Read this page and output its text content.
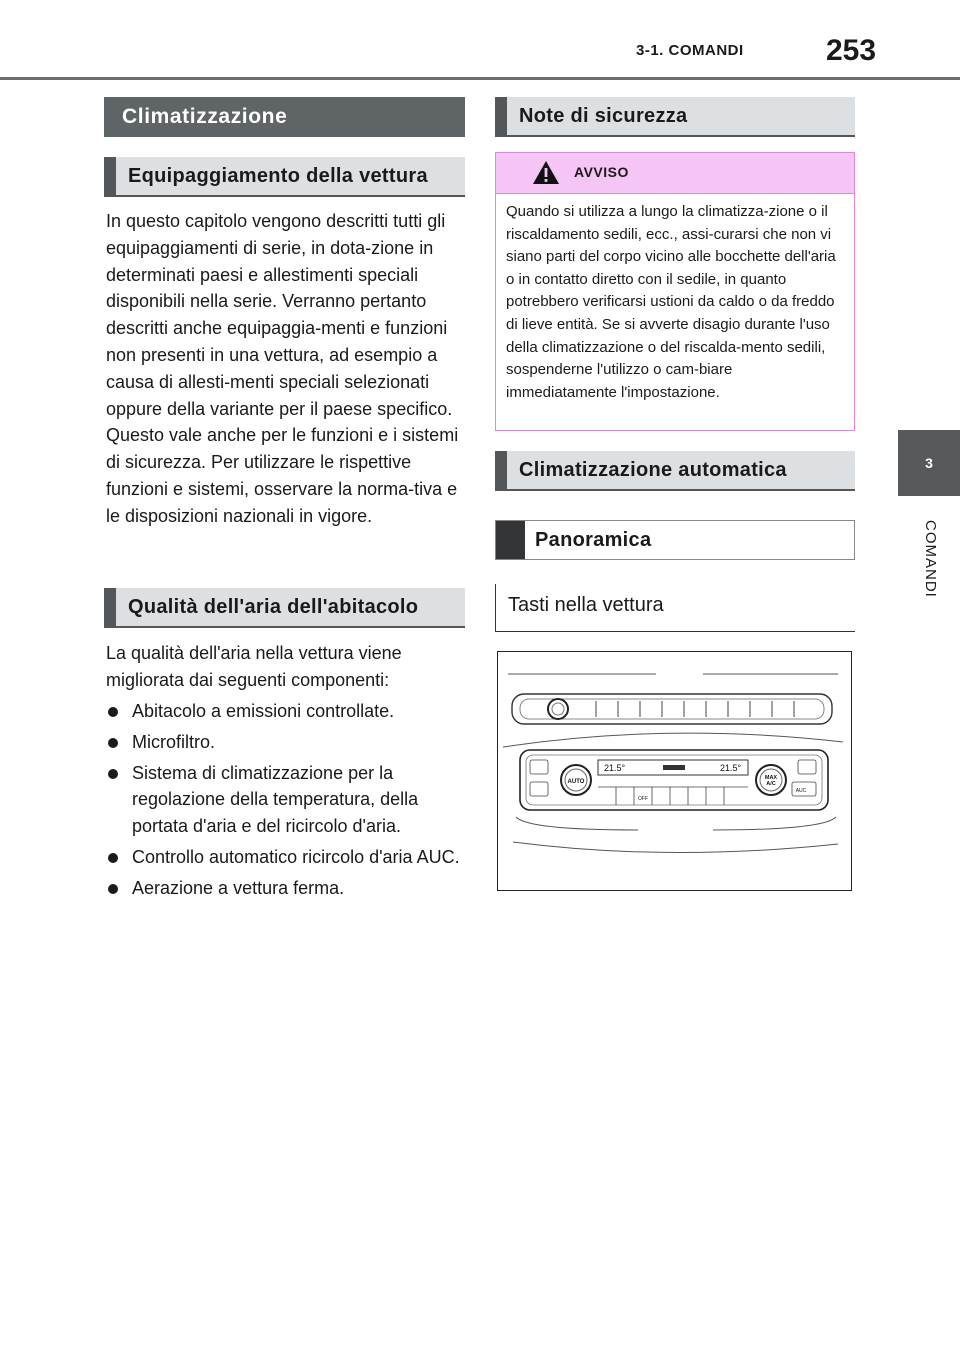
3-1. COMANDI	253
3
COMANDI
Climatizzazione
Equipaggiamento della vettura

In questo capitolo vengono descritti tutti gli equipaggiamenti di serie, in dota-zione in determinati paesi e allestimenti speciali disponibili nella serie. Verranno pertanto descritti anche equipaggia-menti e funzioni non presenti in una vettura, ad esempio a causa di allesti-menti speciali selezionati oppure della variante per il paese specifico. Questo vale anche per le funzioni e i sistemi di sicurezza. Per utilizzare le rispettive funzioni e sistemi, osservare la norma-tiva e le disposizioni nazionali in vigore.

Qualità dell'aria dell'abitacolo

La qualità dell'aria nella vettura viene migliorata dai seguenti componenti:

Abitacolo a emissioni controllate.
Microfiltro.
Sistema di climatizzazione per la regolazione della temperatura, della portata d'aria e del ricircolo d'aria.
Controllo automatico ricircolo d'aria AUC.
Aerazione a vettura ferma.
Note di sicurezza
AVVISO

Quando si utilizza a lungo la climatizza-zione o il riscaldamento sedili, ecc., assi-curarsi che non vi siano parti del corpo vicino alle bocchette dell'aria o in contatto diretto con il sedile, in quanto potrebbero verificarsi ustioni da caldo o da freddo di lieve entità. Se si avverte disagio durante l'uso della climatizzazione o del riscalda-mento sedili, sospenderne l'utilizzo o cam-biare immediatamente l'impostazione.

Climatizzazione automatica
Panoramica
Tasti nella vettura
AUTO
MAX
A/C
21.5°	21.5°
OFF
AUC
